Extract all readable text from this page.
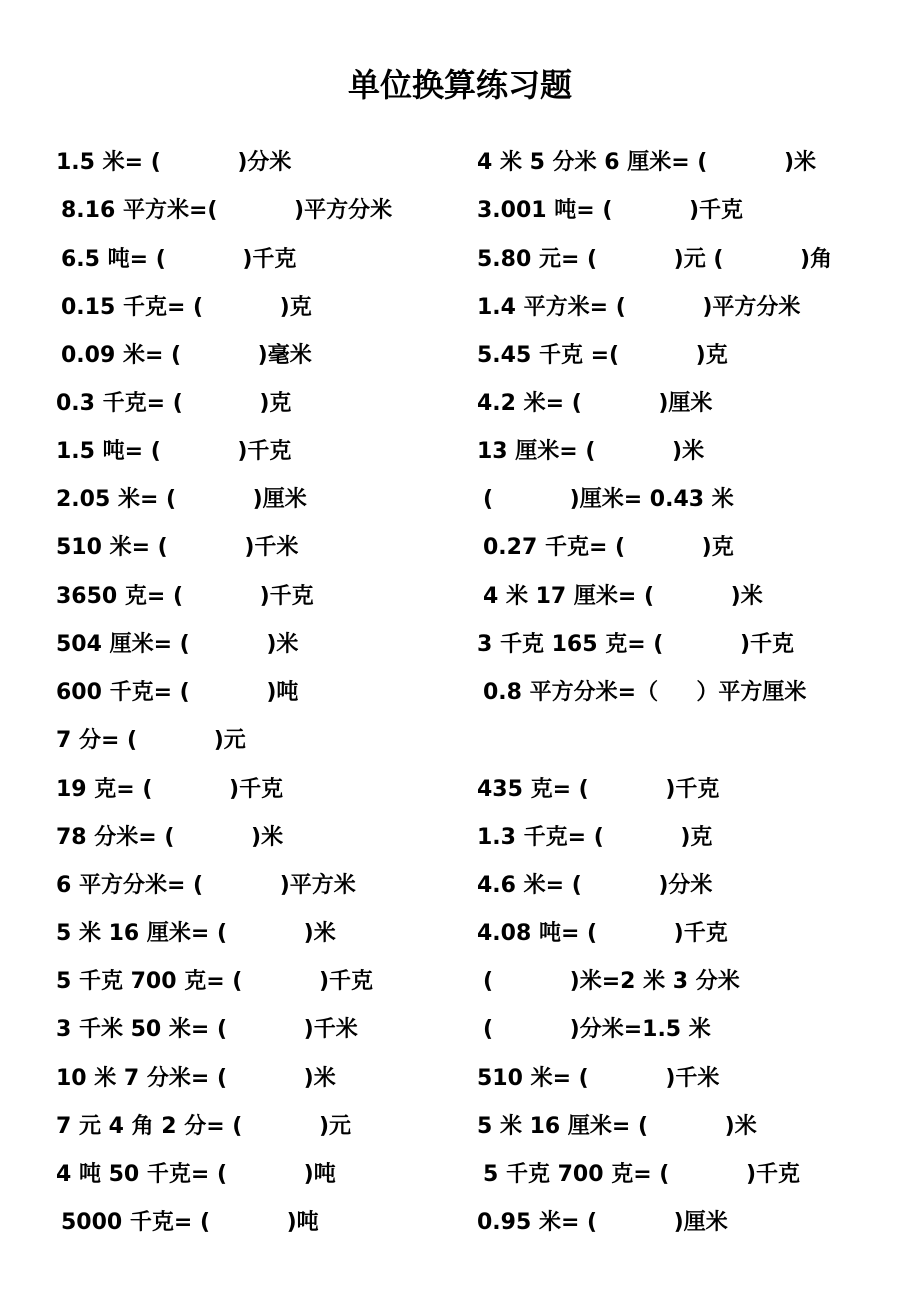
单位换算练习题
1.5 米= (          )分米	4 米 5 分米 6 厘米= (          )米
8.16 平方米=(          )平方分米	3.001 吨= (          )千克
6.5 吨= (          )千克	5.80 元= (          )元 (          )角
0.15 千克= (          )克	1.4 平方米= (          )平方分米
0.09 米= (          )毫米	5.45 千克 =(          )克
0.3 千克= (          )克	4.2 米= (          )厘米
1.5 吨= (          )千克	13 厘米= (          )米
2.05 米= (          )厘米	(          )厘米= 0.43 米
510 米= (          )千米	0.27 千克= (          )克
3650 克= (          )千克	4 米 17 厘米= (          )米
504 厘米= (          )米	3 千克 165 克= (          )千克
600 千克= (          )吨	0.8 平方分米=（     ）平方厘米
7 分= (          )元
19 克= (          )千克	435 克= (          )千克
78 分米= (          )米	1.3 千克= (          )克
6 平方分米= (          )平方米	4.6 米= (          )分米
5 米 16 厘米= (          )米	4.08 吨= (          )千克
5 千克 700 克= (          )千克	(          )米=2 米 3 分米
3 千米 50 米= (          )千米	(          )分米=1.5 米
10 米 7 分米= (          )米	510 米= (          )千米
7 元 4 角 2 分= (          )元	5 米 16 厘米= (          )米
4 吨 50 千克= (          )吨	5 千克 700 克= (          )千克
5000 千克= (          )吨	0.95 米= (          )厘米
